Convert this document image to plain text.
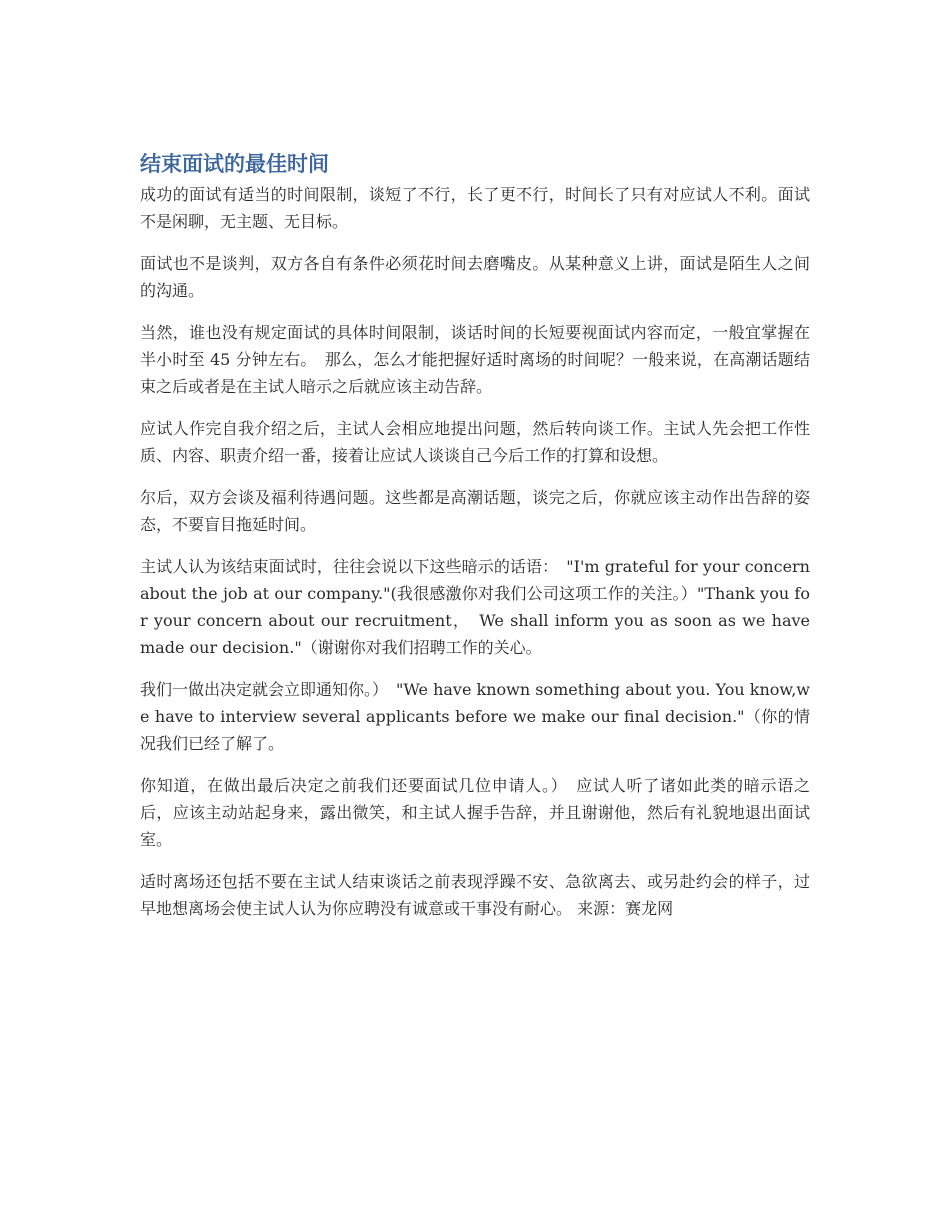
结束面试的最佳时间

成功的面试有适当的时间限制，谈短了不行，长了更不行，时间长了只有对应试人不利。面试不是闲聊，无主题、无目标。

面试也不是谈判，双方各自有条件必须花时间去磨嘴皮。从某种意义上讲，面试是陌生人之间的沟通。

当然，谁也没有规定面试的具体时间限制，谈话时间的长短要视面试内容而定，一般宜掌握在半小时至 45 分钟左右。　那么，怎么才能把握好适时离场的时间呢？一般来说，在高潮话题结束之后或者是在主试人暗示之后就应该主动告辞。

应试人作完自我介绍之后，主试人会相应地提出问题，然后转向谈工作。主试人先会把工作性质、内容、职责介绍一番，接着让应试人谈谈自己今后工作的打算和设想。

尔后，双方会谈及福利待遇问题。这些都是高潮话题，谈完之后，你就应该主动作出告辞的姿态，不要盲目拖延时间。

主试人认为该结束面试时，往往会说以下这些暗示的话语：　"I'm grateful for your concern about the job at our company."(我很感激你对我们公司这项工作的关注。）"Thank you for your concern about our recruitment，　We shall inform you as soon as we have made our decision."（谢谢你对我们招聘工作的关心。

我们一做出决定就会立即通知你。）　"We have known something about you. You know,we have to interview several applicants before we make our final decision."（你的情况我们已经了解了。

你知道，在做出最后决定之前我们还要面试几位申请人。）　应试人听了诸如此类的暗示语之后，应该主动站起身来，露出微笑，和主试人握手告辞，并且谢谢他，然后有礼貌地退出面试室。

适时离场还包括不要在主试人结束谈话之前表现浮躁不安、急欲离去、或另赴约会的样子，过早地想离场会使主试人认为你应聘没有诚意或干事没有耐心。 来源：赛龙网
